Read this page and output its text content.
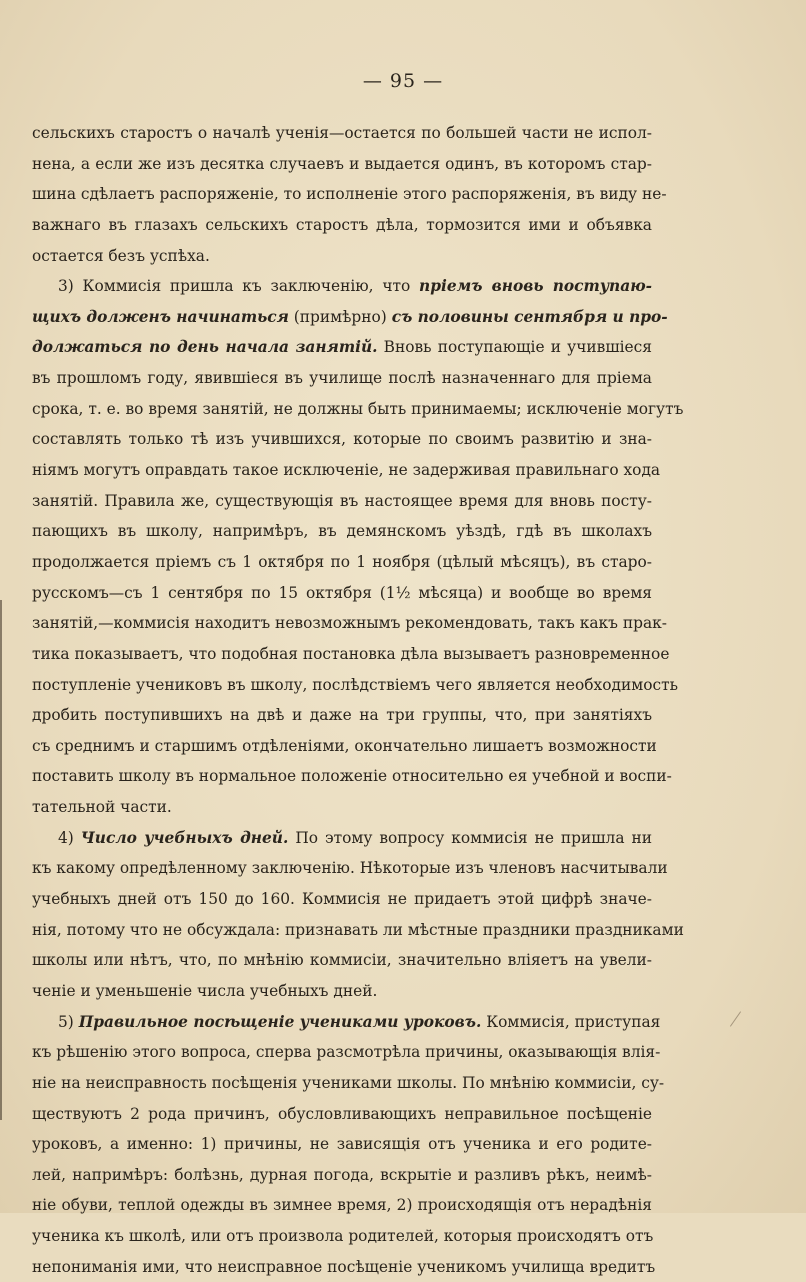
— 95 —
сельскихъ старостъ о началѣ ученія—остается по большей части не испол-
нена, а если же изъ десятка случаевъ и выдается одинъ, въ которомъ стар-
шина сдѣлаетъ распоряженіе, то исполненіе этого распоряженія, въ виду не-
важнаго въ глазахъ сельскихъ старостъ дѣла, тормозится ими и объявка
остается безъ успѣха.
3) Коммисія пришла къ заключенію, что пріемъ вновь поступаю-
щихъ долженъ начинаться (примѣрно) съ половины сентября и про-
должаться по день начала занятій. Вновь поступающіе и учившіеся
въ прошломъ году, явившіеся въ училище послѣ назначеннаго для пріема
срока, т. е. во время занятій, не должны быть принимаемы; исключеніе могутъ
составлять только тѣ изъ учившихся, которые по своимъ развитію и зна-
ніямъ могутъ оправдать такое исключеніе, не задерживая правильнаго хода
занятій. Правила же, существующія въ настоящее время для вновь посту-
пающихъ въ школу, напримѣръ, въ демянскомъ уѣздѣ, гдѣ въ школахъ
продолжается пріемъ съ 1 октября по 1 ноября (цѣлый мѣсяцъ), въ старо-
русскомъ—съ 1 сентября по 15 октября (1½ мѣсяца) и вообще во время
занятій,—коммисія находитъ невозможнымъ рекомендовать, такъ какъ прак-
тика показываетъ, что подобная постановка дѣла вызываетъ разновременное
поступленіе учениковъ въ школу, послѣдствіемъ чего является необходимость
дробить поступившихъ на двѣ и даже на три группы, что, при занятіяхъ
съ среднимъ и старшимъ отдѣленіями, окончательно лишаетъ возможности
поставить школу въ нормальное положеніе относительно ея учебной и воспи-
тательной части.
4) Число учебныхъ дней. По этому вопросу коммисія не пришла ни
къ какому опредѣленному заключенію. Нѣкоторые изъ членовъ насчитывали
учебныхъ дней отъ 150 до 160. Коммисія не придаетъ этой цифрѣ значе-
нія, потому что не обсуждала: признавать ли мѣстные праздники праздниками
школы или нѣтъ, что, по мнѣнію коммисіи, значительно вліяетъ на увели-
ченіе и уменьшеніе числа учебныхъ дней.
5) Правильное посѣщеніе учениками уроковъ. Коммисія, приступая
къ рѣшенію этого вопроса, сперва разсмотрѣла причины, оказывающія влія-
ніе на неисправность посѣщенія учениками школы. По мнѣнію коммисіи, су-
ществуютъ 2 рода причинъ, обусловливающихъ неправильное посѣщеніе
уроковъ, а именно: 1) причины, не зависящія отъ ученика и его родите-
лей, напримѣръ: болѣзнь, дурная погода, вскрытіе и разливъ рѣкъ, неимѣ-
ніе обуви, теплой одежды въ зимнее время, 2) происходящія отъ нерадѣнія
ученика къ школѣ, или отъ произвола родителей, которыя происходятъ отъ
непониманія ими, что неисправное посѣщеніе ученикомъ училища вредитъ
